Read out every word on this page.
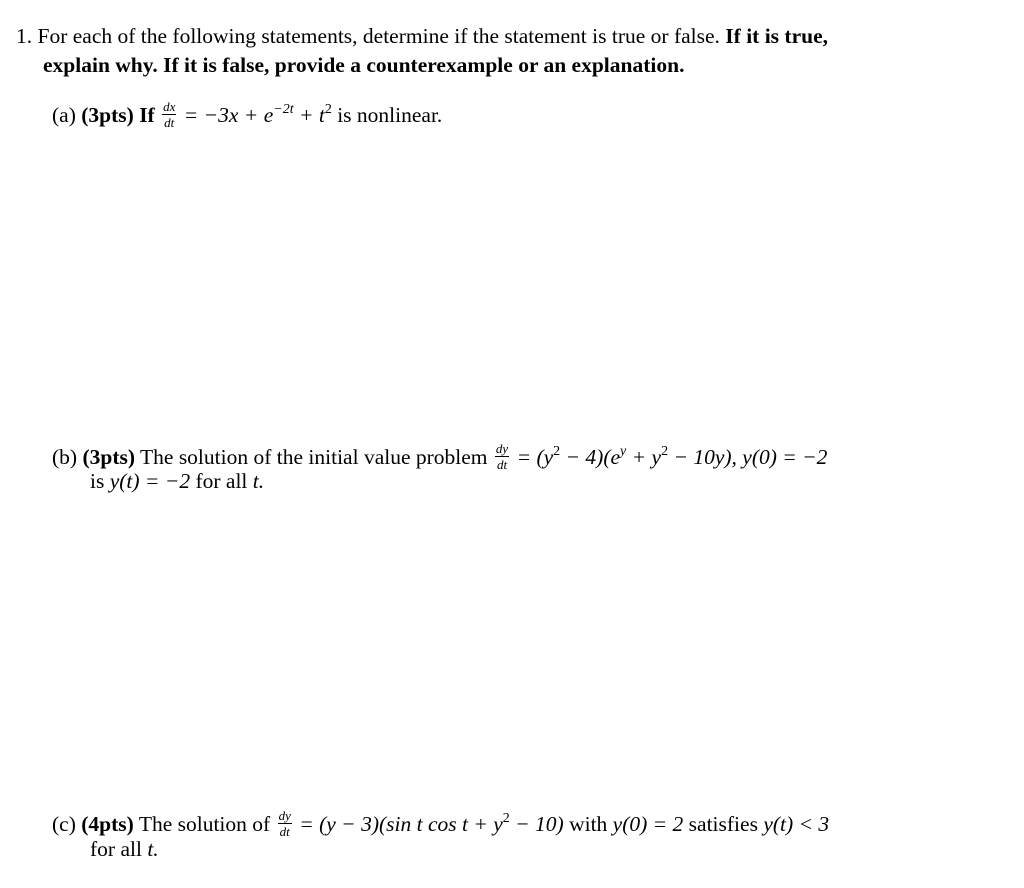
1. For each of the following statements, determine if the statement is true or false. If it is true,
explain why. If it is false, provide a counterexample or an explanation.
(a) (3pts) If $\frac{dx}{dt} = -3x + e^{-2t} + t^2$ is nonlinear.
(b) (3pts) The solution of the initial value problem $\frac{dy}{dt} = (y^2 - 4)(e^y + y^2 - 10y)$, y(0) = −2
is y(t) = −2 for all t.
(c) (4pts) The solution of $\frac{dy}{dt} = (y - 3)(\sin$ t $\cos t + y^2 - 10$) with y(0) = 2 satisfies y(t) < 3
for all t.
